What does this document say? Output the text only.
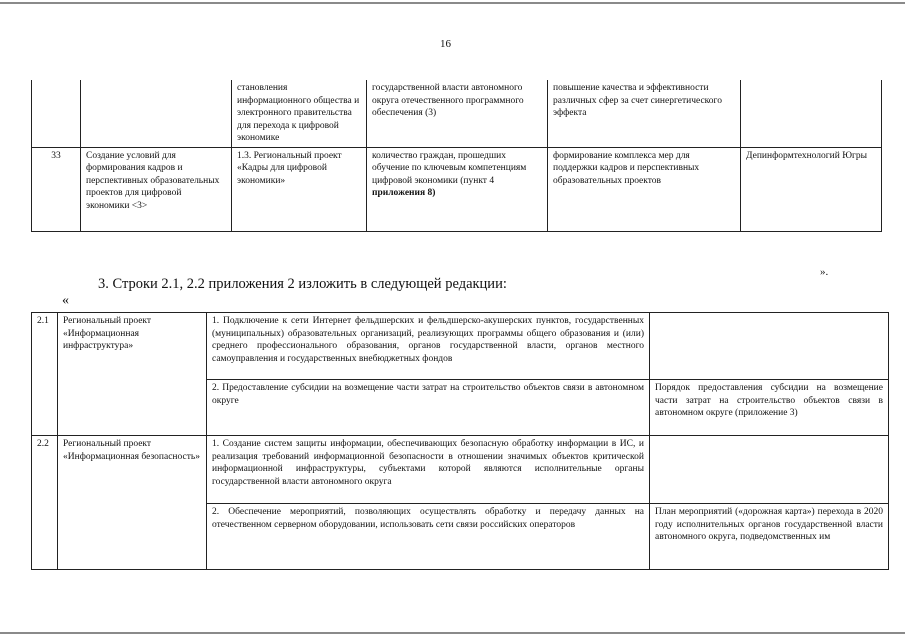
16
		становления информационного общества и электронного правительства для перехода к цифровой экономике	государственной власти автономного округа отечественного программного обеспечения (3)	повышение качества и эффективности различных сфер за счет синергетического эффекта	
33	Создание условий для формирования кадров и перспективных образовательных проектов для цифровой экономики <3>	1.3. Региональный проект «Кадры для цифровой экономики»	количество граждан, прошедших обучение по ключевым компетенциям цифровой экономики (пункт 4 приложения 8)	формирование комплекса мер для поддержки кадров и перспективных образовательных проектов	Депинформтехнологий Югры
».
3. Строки 2.1, 2.2 приложения 2 изложить в следующей редакции:
«
2.1	Региональный проект «Информационная инфраструктура»	1. Подключение к сети Интернет фельдшерских и фельдшерско-акушерских пунктов, государственных (муниципальных) образовательных организаций, реализующих программы общего образования и (или) среднего профессионального образования, органов государственной власти, органов местного самоуправления и государственных внебюджетных фондов	
		2. Предоставление субсидии на возмещение части затрат на строительство объектов связи в автономном округе	Порядок предоставления субсидии на возмещение части затрат на строительство объектов связи в автономном округе (приложение 3)
2.2	Региональный проект «Информационная безопасность»	1. Создание систем защиты информации, обеспечивающих безопасную обработку информации в ИС, и реализация требований информационной безопасности в отношении значимых объектов критической информационной инфраструктуры, субъектами которой являются исполнительные органы государственной власти автономного округа	
		2. Обеспечение мероприятий, позволяющих осуществлять обработку и передачу данных на отечественном серверном оборудовании, использовать сети связи российских операторов	План мероприятий («дорожная карта») перехода в 2020 году исполнительных органов государственной власти автономного округа, подведомственных им
